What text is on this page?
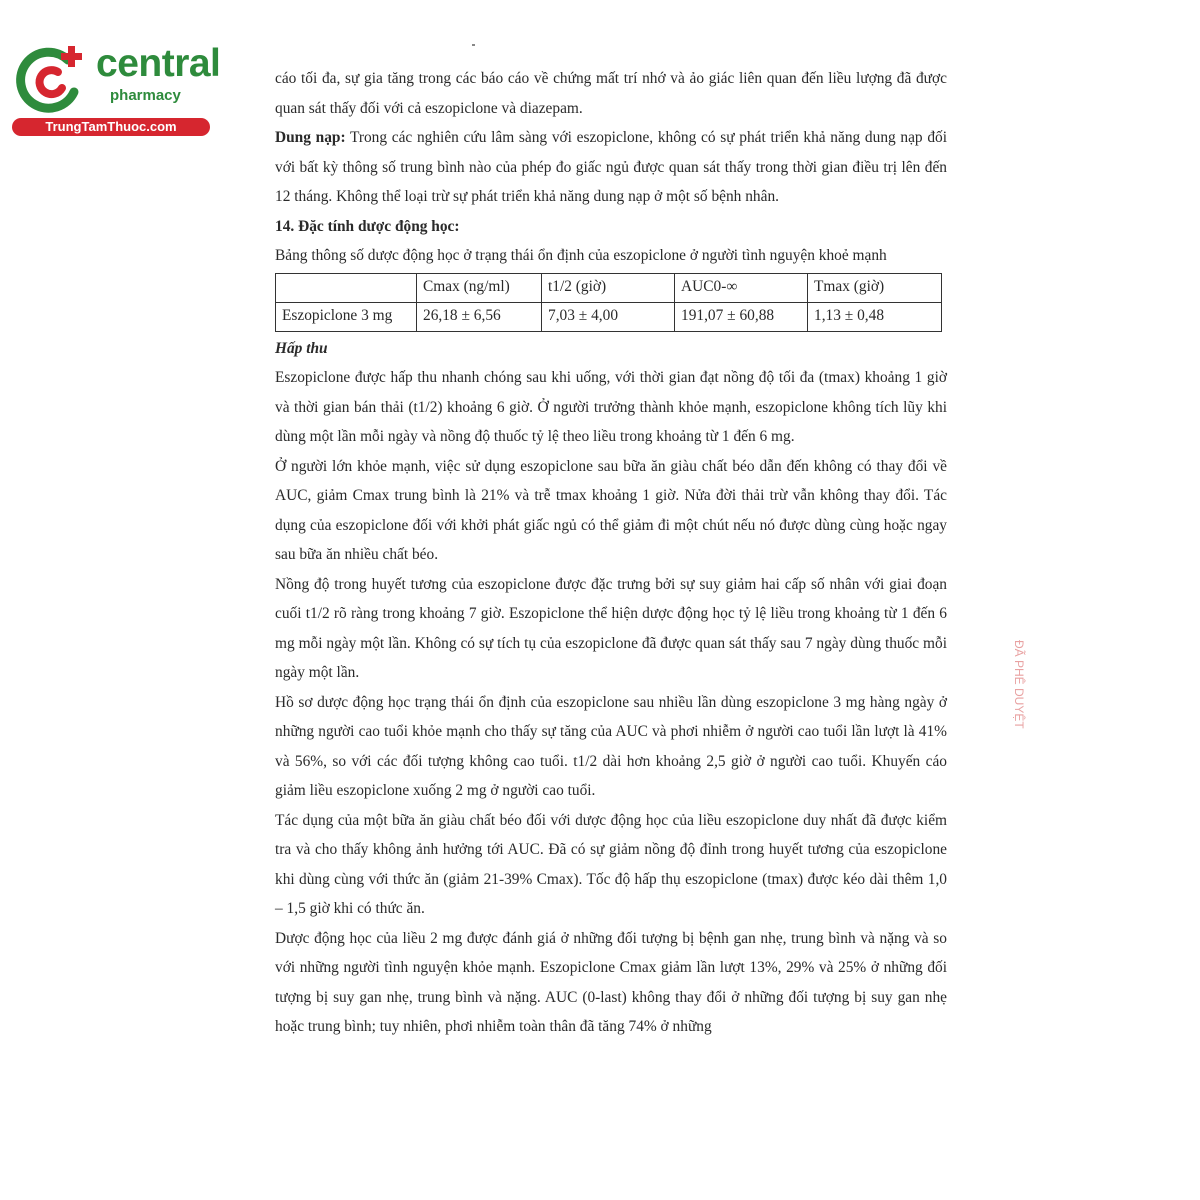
central
pharmacy
TrungTamThuoc.com

cáo tối đa, sự gia tăng trong các báo cáo về chứng mất trí nhớ và ảo giác liên quan đến liều lượng đã được quan sát thấy đối với cả eszopiclone và diazepam.

Dung nạp: Trong các nghiên cứu lâm sàng với eszopiclone, không có sự phát triển khả năng dung nạp đối với bất kỳ thông số trung bình nào của phép đo giấc ngủ được quan sát thấy trong thời gian điều trị lên đến 12 tháng. Không thể loại trừ sự phát triển khả năng dung nạp ở một số bệnh nhân.

14. Đặc tính dược động học:

Bảng thông số dược động học ở trạng thái ổn định của eszopiclone ở người tình nguyện khoẻ mạnh

	Cmax (ng/ml)	t1/2 (giờ)	AUC0-∞	Tmax (giờ)
Eszopiclone 3 mg	26,18 ± 6,56	7,03 ± 4,00	191,07 ± 60,88	1,13 ± 0,48

Hấp thu

Eszopiclone được hấp thu nhanh chóng sau khi uống, với thời gian đạt nồng độ tối đa (tmax) khoảng 1 giờ và thời gian bán thải (t1/2) khoảng 6 giờ. Ở người trưởng thành khỏe mạnh, eszopiclone không tích lũy khi dùng một lần mỗi ngày và nồng độ thuốc tỷ lệ theo liều trong khoảng từ 1 đến 6 mg.

Ở người lớn khỏe mạnh, việc sử dụng eszopiclone sau bữa ăn giàu chất béo dẫn đến không có thay đổi về AUC, giảm Cmax trung bình là 21% và trễ tmax khoảng 1 giờ. Nửa đời thải trừ vẫn không thay đổi. Tác dụng của eszopiclone đối với khởi phát giấc ngủ có thể giảm đi một chút nếu nó được dùng cùng hoặc ngay sau bữa ăn nhiều chất béo.

Nồng độ trong huyết tương của eszopiclone được đặc trưng bởi sự suy giảm hai cấp số nhân với giai đoạn cuối t1/2 rõ ràng trong khoảng 7 giờ. Eszopiclone thể hiện dược động học tỷ lệ liều trong khoảng từ 1 đến 6 mg mỗi ngày một lần. Không có sự tích tụ của eszopiclone đã được quan sát thấy sau 7 ngày dùng thuốc mỗi ngày một lần.

Hồ sơ dược động học trạng thái ổn định của eszopiclone sau nhiều lần dùng eszopiclone 3 mg hàng ngày ở những người cao tuổi khỏe mạnh cho thấy sự tăng của AUC và phơi nhiễm ở người cao tuổi lần lượt là 41% và 56%, so với các đối tượng không cao tuổi. t1/2 dài hơn khoảng 2,5 giờ ở người cao tuổi. Khuyến cáo giảm liều eszopiclone xuống 2 mg ở người cao tuổi.

Tác dụng của một bữa ăn giàu chất béo đối với dược động học của liều eszopiclone duy nhất đã được kiểm tra và cho thấy không ảnh hưởng tới AUC. Đã có sự giảm nồng độ đỉnh trong huyết tương của eszopiclone khi dùng cùng với thức ăn (giảm 21-39% Cmax). Tốc độ hấp thụ eszopiclone (tmax) được kéo dài thêm 1,0 – 1,5 giờ khi có thức ăn.

Dược động học của liều 2 mg được đánh giá ở những đối tượng bị bệnh gan nhẹ, trung bình và nặng và so với những người tình nguyện khỏe mạnh. Eszopiclone Cmax giảm lần lượt 13%, 29% và 25% ở những đối tượng bị suy gan nhẹ, trung bình và nặng. AUC (0-last) không thay đổi ở những đối tượng bị suy gan nhẹ hoặc trung bình; tuy nhiên, phơi nhiễm toàn thân đã tăng 74% ở những

ĐÃ PHÊ DUYỆT
